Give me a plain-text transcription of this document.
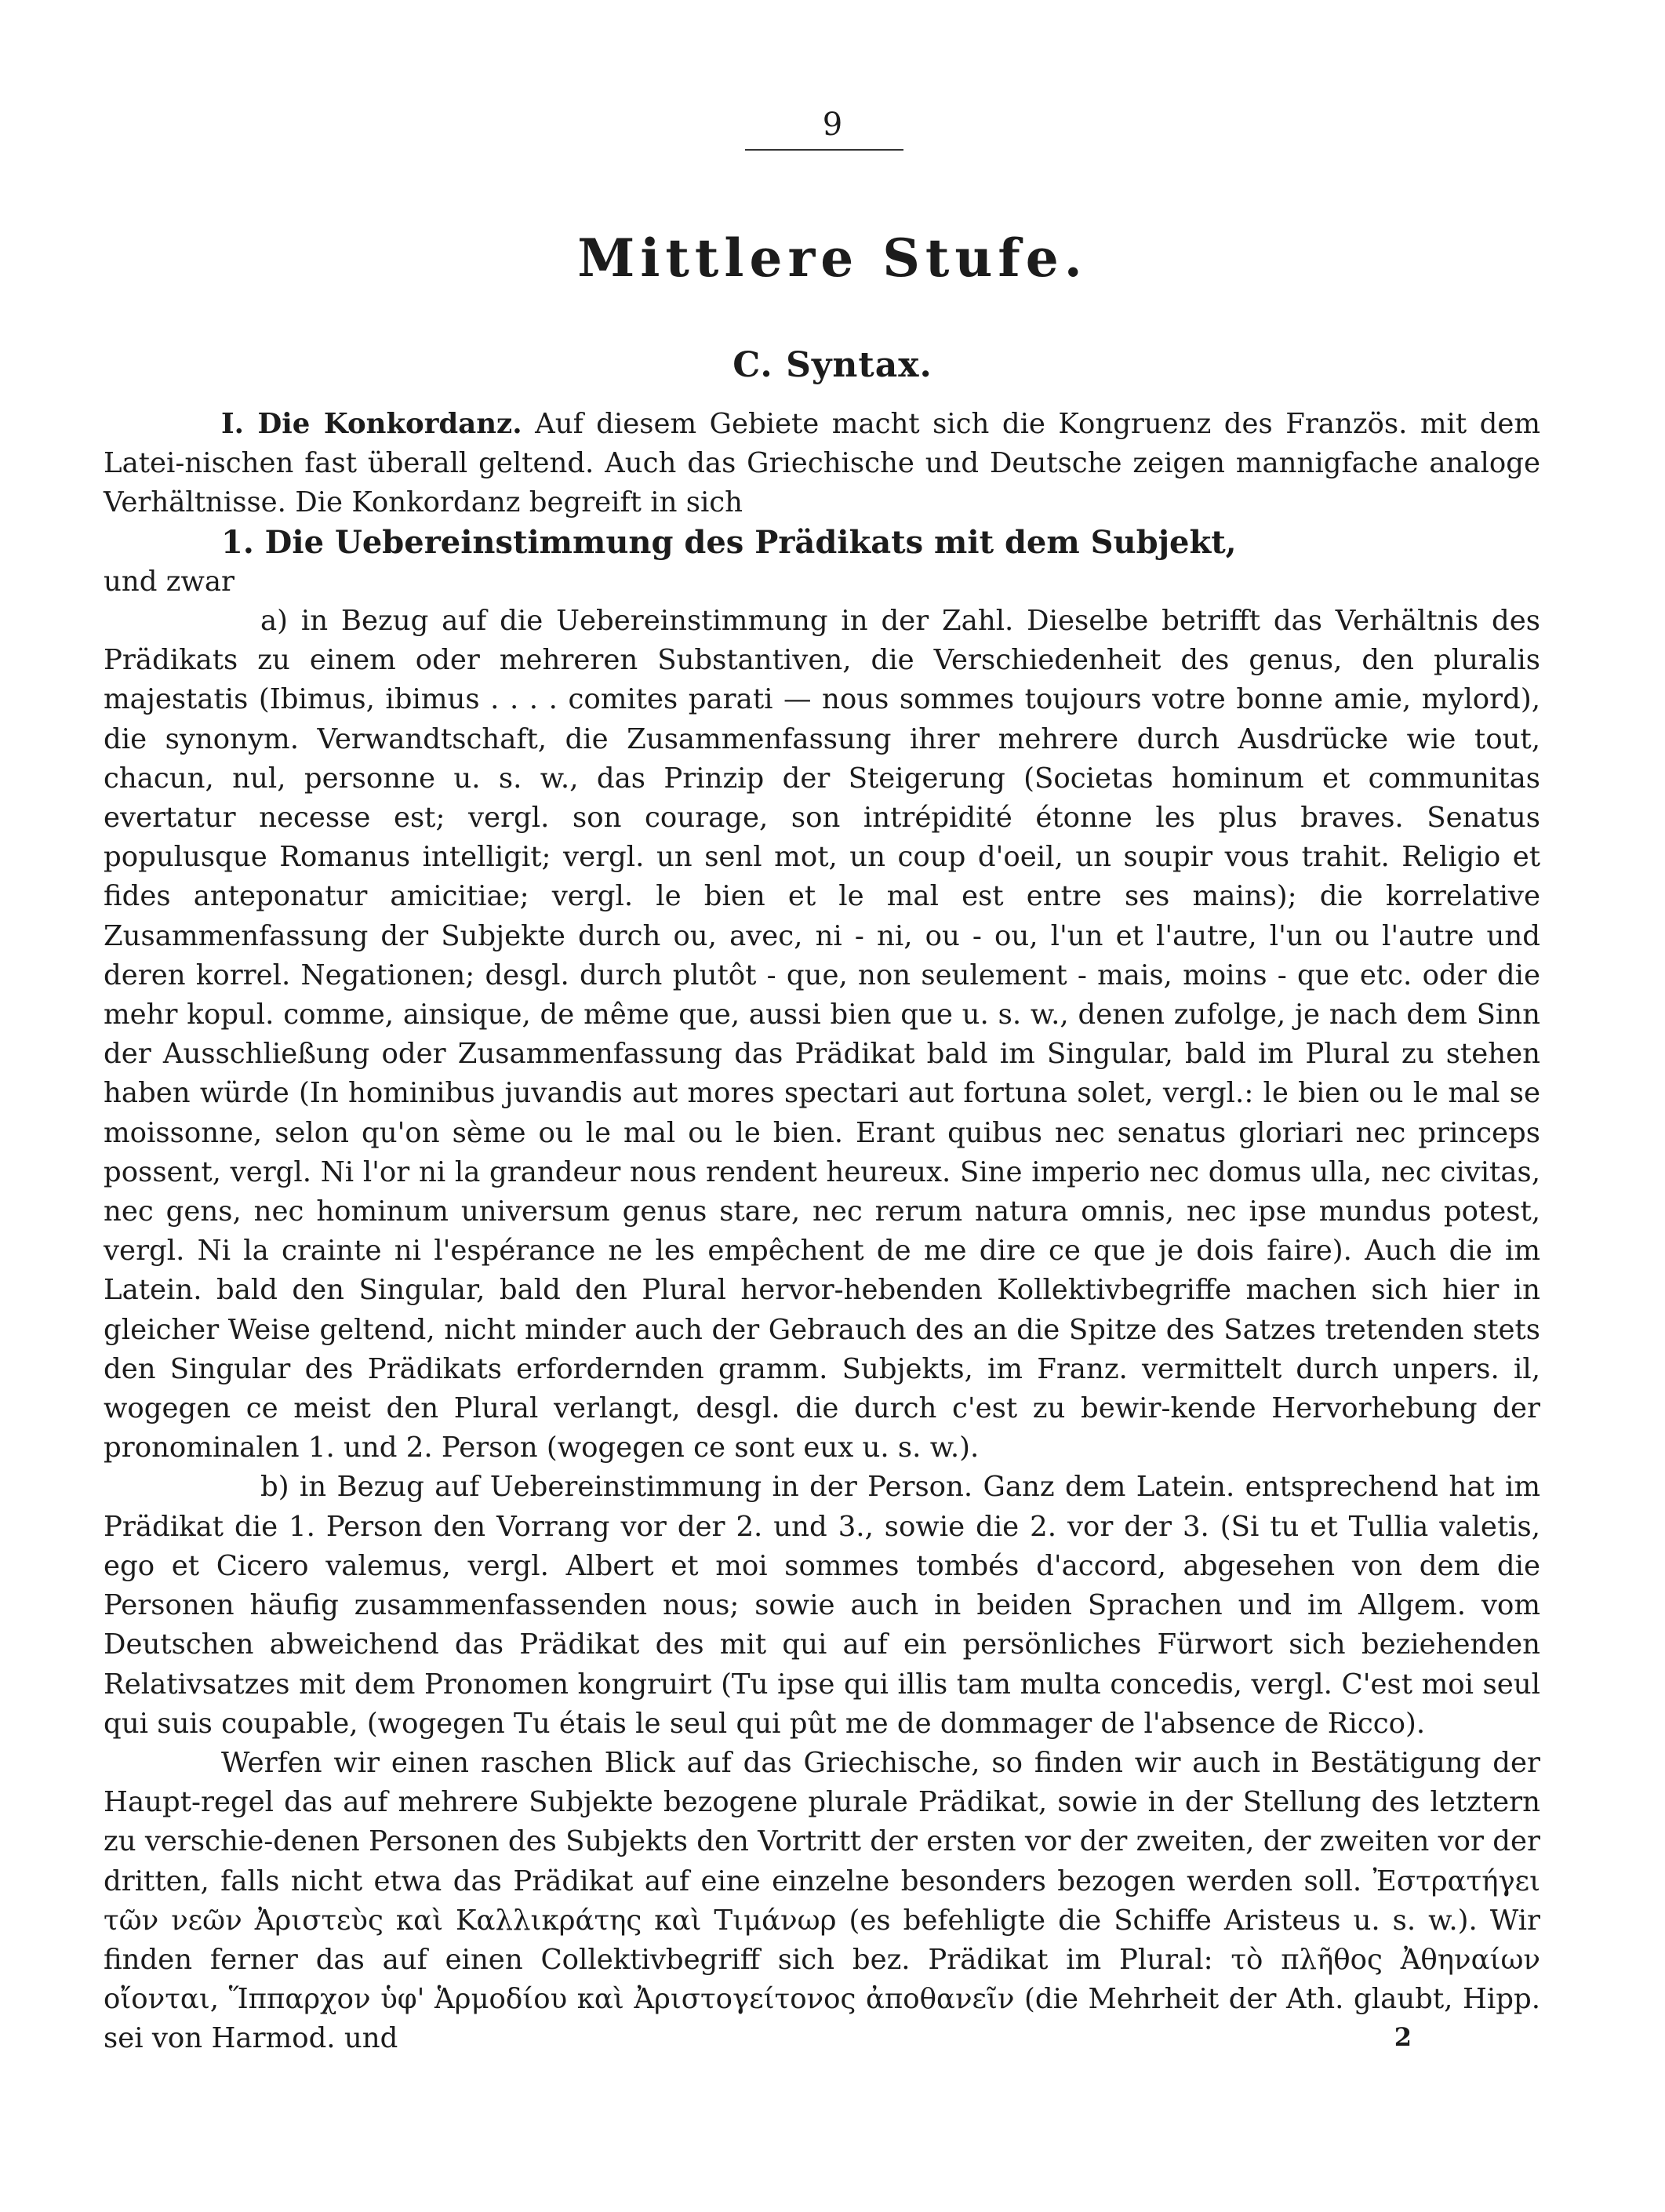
9
Mittlere Stufe.
C. Syntax.

I. Die Konkordanz. Auf diesem Gebiete macht sich die Kongruenz des Französ. mit dem Latei-nischen fast überall geltend. Auch das Griechische und Deutsche zeigen mannigfache analoge Verhältnisse. Die Konkordanz begreift in sich

1. Die Uebereinstimmung des Prädikats mit dem Subjekt,

und zwar

a) in Bezug auf die Uebereinstimmung in der Zahl. Dieselbe betrifft das Verhältnis des Prädikats zu einem oder mehreren Substantiven, die Verschiedenheit des genus, den pluralis majestatis (Ibimus, ibimus . . . . comites parati — nous sommes toujours votre bonne amie, mylord), die synonym. Verwandtschaft, die Zusammenfassung ihrer mehrere durch Ausdrücke wie tout, chacun, nul, personne u. s. w., das Prinzip der Steigerung (Societas hominum et communitas evertatur necesse est; vergl. son courage, son intrépidité étonne les plus braves. Senatus populusque Romanus intelligit; vergl. un senl mot, un coup d'oeil, un soupir vous trahit. Religio et fides anteponatur amicitiae; vergl. le bien et le mal est entre ses mains); die korrelative Zusammenfassung der Subjekte durch ou, avec, ni - ni, ou - ou, l'un et l'autre, l'un ou l'autre und deren korrel. Negationen; desgl. durch plutôt - que, non seulement - mais, moins - que etc. oder die mehr kopul. comme, ainsique, de même que, aussi bien que u. s. w., denen zufolge, je nach dem Sinn der Ausschließung oder Zusammenfassung das Prädikat bald im Singular, bald im Plural zu stehen haben würde (In hominibus juvandis aut mores spectari aut fortuna solet, vergl.: le bien ou le mal se moissonne, selon qu'on sème ou le mal ou le bien. Erant quibus nec senatus gloriari nec princeps possent, vergl. Ni l'or ni la grandeur nous rendent heureux. Sine imperio nec domus ulla, nec civitas, nec gens, nec hominum universum genus stare, nec rerum natura omnis, nec ipse mundus potest, vergl. Ni la crainte ni l'espérance ne les empêchent de me dire ce que je dois faire). Auch die im Latein. bald den Singular, bald den Plural hervor-hebenden Kollektivbegriffe machen sich hier in gleicher Weise geltend, nicht minder auch der Gebrauch des an die Spitze des Satzes tretenden stets den Singular des Prädikats erfordernden gramm. Subjekts, im Franz. vermittelt durch unpers. il, wogegen ce meist den Plural verlangt, desgl. die durch c'est zu bewir-kende Hervorhebung der pronominalen 1. und 2. Person (wogegen ce sont eux u. s. w.).

b) in Bezug auf Uebereinstimmung in der Person. Ganz dem Latein. entsprechend hat im Prädikat die 1. Person den Vorrang vor der 2. und 3., sowie die 2. vor der 3. (Si tu et Tullia valetis, ego et Cicero valemus, vergl. Albert et moi sommes tombés d'accord, abgesehen von dem die Personen häufig zusammenfassenden nous; sowie auch in beiden Sprachen und im Allgem. vom Deutschen abweichend das Prädikat des mit qui auf ein persönliches Fürwort sich beziehenden Relativsatzes mit dem Pronomen kongruirt (Tu ipse qui illis tam multa concedis, vergl. C'est moi seul qui suis coupable, (wogegen Tu étais le seul qui pût me de dommager de l'absence de Ricco).

Werfen wir einen raschen Blick auf das Griechische, so finden wir auch in Bestätigung der Haupt-regel das auf mehrere Subjekte bezogene plurale Prädikat, sowie in der Stellung des letztern zu verschie-denen Personen des Subjekts den Vortritt der ersten vor der zweiten, der zweiten vor der dritten, falls nicht etwa das Prädikat auf eine einzelne besonders bezogen werden soll. Ἐστρατήγει τῶν νεῶν Ἀριστεὺς καὶ Καλλικράτης καὶ Τιμάνωρ (es befehligte die Schiffe Aristeus u. s. w.). Wir finden ferner das auf einen Collektivbegriff sich bez. Prädikat im Plural: τὸ πλῆθος Ἀθηναίων οἴονται, Ἵππαρχον ὑφ' Ἁρμοδίου καὶ Ἀριστογείτονος ἀποθανεῖν (die Mehrheit der Ath. glaubt, Hipp. sei von Harmod. und	2
